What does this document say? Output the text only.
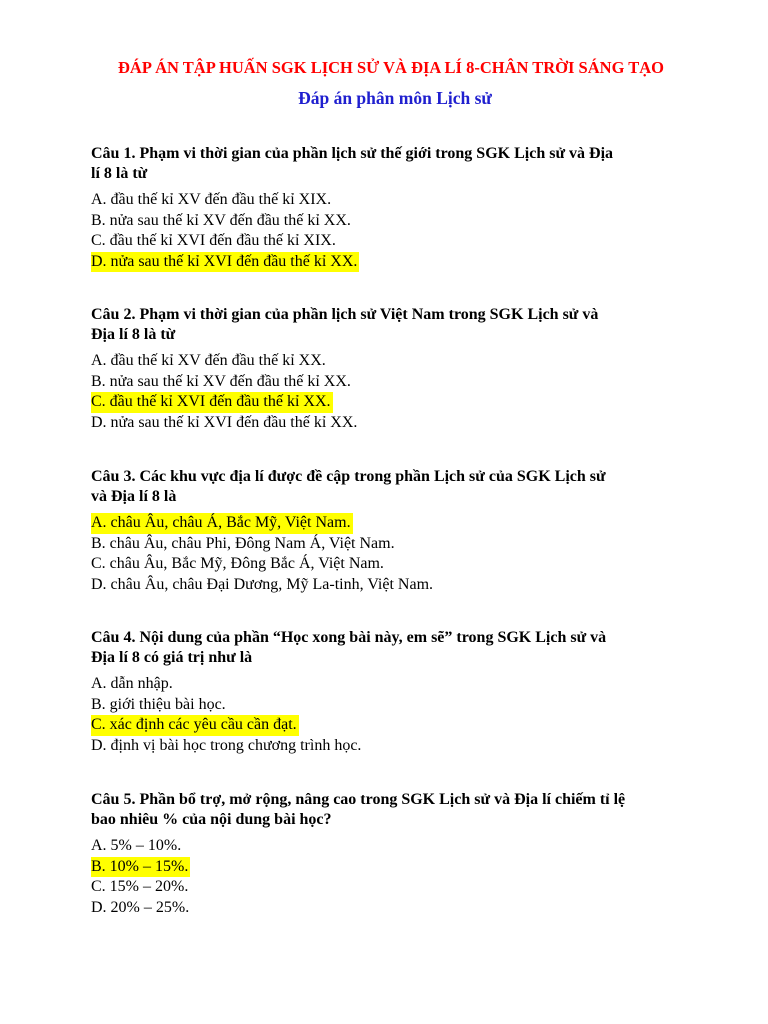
ĐÁP ÁN TẬP HUẤN SGK LỊCH SỬ VÀ ĐỊA LÍ 8-CHÂN TRỜI SÁNG TẠO
Đáp án phân môn Lịch sử
Câu 1. Phạm vi thời gian của phần lịch sử thế giới trong SGK Lịch sử và Địa
lí 8 là từ
A. đầu thế kỉ XV đến đầu thế kỉ XIX.
B. nửa sau thế kỉ XV đến đầu thế kỉ XX.
C. đầu thế kỉ XVI đến đầu thế kỉ XIX.
D. nửa sau thế kỉ XVI đến đầu thế kỉ XX.
Câu 2. Phạm vi thời gian của phần lịch sử Việt Nam trong SGK Lịch sử và
Địa lí 8 là từ
A. đầu thế kỉ XV đến đầu thế kỉ XX.
B. nửa sau thế kỉ XV đến đầu thế kỉ XX.
C. đầu thế kỉ XVI đến đầu thế kỉ XX.
D. nửa sau thế kỉ XVI đến đầu thế kỉ XX.
Câu 3. Các khu vực địa lí được đề cập trong phần Lịch sử của SGK Lịch sử
và Địa lí 8 là
A. châu Âu, châu Á, Bắc Mỹ, Việt Nam.
B. châu Âu, châu Phi, Đông Nam Á, Việt Nam.
C. châu Âu, Bắc Mỹ, Đông Bắc Á, Việt Nam.
D. châu Âu, châu Đại Dương, Mỹ La-tinh, Việt Nam.
Câu 4. Nội dung của phần “Học xong bài này, em sẽ” trong SGK Lịch sử và
Địa lí 8 có giá trị như là
A. dẫn nhập.
B. giới thiệu bài học.
C. xác định các yêu cầu cần đạt.
D. định vị bài học trong chương trình học.
Câu 5. Phần bổ trợ, mở rộng, nâng cao trong SGK Lịch sử và Địa lí chiếm tỉ lệ
bao nhiêu % của nội dung bài học?
A. 5% – 10%.
B. 10% – 15%.
C. 15% – 20%.
D. 20% – 25%.
